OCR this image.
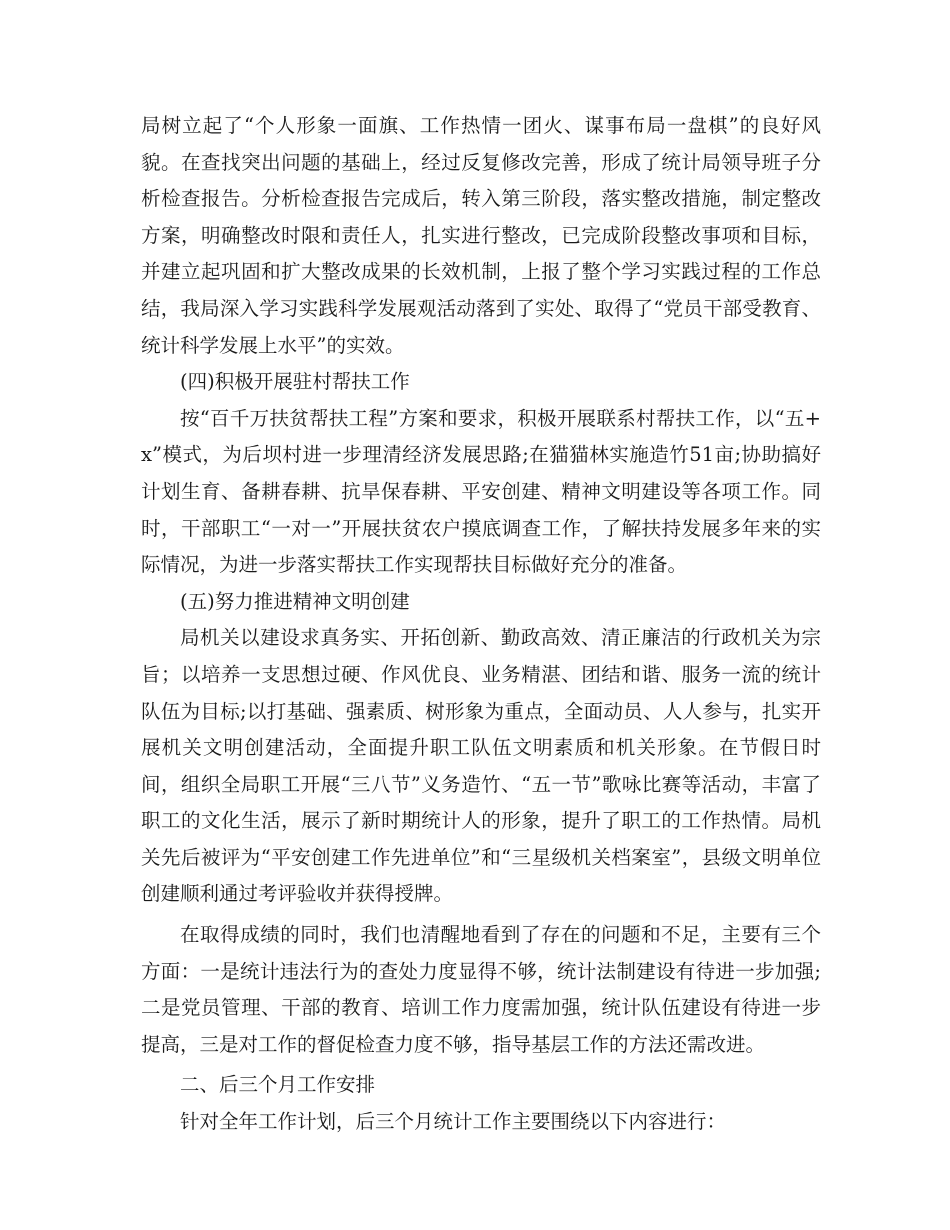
局树立起了“个人形象一面旗、工作热情一团火、谋事布局一盘棋”的良好风貌。在查找突出问题的基础上，经过反复修改完善，形成了统计局领导班子分析检查报告。分析检查报告完成后，转入第三阶段，落实整改措施，制定整改方案，明确整改时限和责任人，扎实进行整改，已完成阶段整改事项和目标，并建立起巩固和扩大整改成果的长效机制，上报了整个学习实践过程的工作总结，我局深入学习实践科学发展观活动落到了实处、取得了“党员干部受教育、统计科学发展上水平”的实效。

(四)积极开展驻村帮扶工作

按“百千万扶贫帮扶工程”方案和要求，积极开展联系村帮扶工作，以“五+x”模式，为后坝村进一步理清经济发展思路;在猫猫林实施造竹51亩;协助搞好计划生育、备耕春耕、抗旱保春耕、平安创建、精神文明建设等各项工作。同时，干部职工“一对一”开展扶贫农户摸底调查工作，了解扶持发展多年来的实际情况，为进一步落实帮扶工作实现帮扶目标做好充分的准备。

(五)努力推进精神文明创建

局机关以建设求真务实、开拓创新、勤政高效、清正廉洁的行政机关为宗旨；以培养一支思想过硬、作风优良、业务精湛、团结和谐、服务一流的统计队伍为目标;以打基础、强素质、树形象为重点，全面动员、人人参与，扎实开展机关文明创建活动，全面提升职工队伍文明素质和机关形象。在节假日时间，组织全局职工开展“三八节”义务造竹、“五一节”歌咏比赛等活动，丰富了职工的文化生活，展示了新时期统计人的形象，提升了职工的工作热情。局机关先后被评为“平安创建工作先进单位”和“三星级机关档案室”，县级文明单位创建顺利通过考评验收并获得授牌。

在取得成绩的同时，我们也清醒地看到了存在的问题和不足，主要有三个方面：一是统计违法行为的查处力度显得不够，统计法制建设有待进一步加强;二是党员管理、干部的教育、培训工作力度需加强，统计队伍建设有待进一步提高，三是对工作的督促检查力度不够，指导基层工作的方法还需改进。

二、后三个月工作安排

针对全年工作计划，后三个月统计工作主要围绕以下内容进行：
